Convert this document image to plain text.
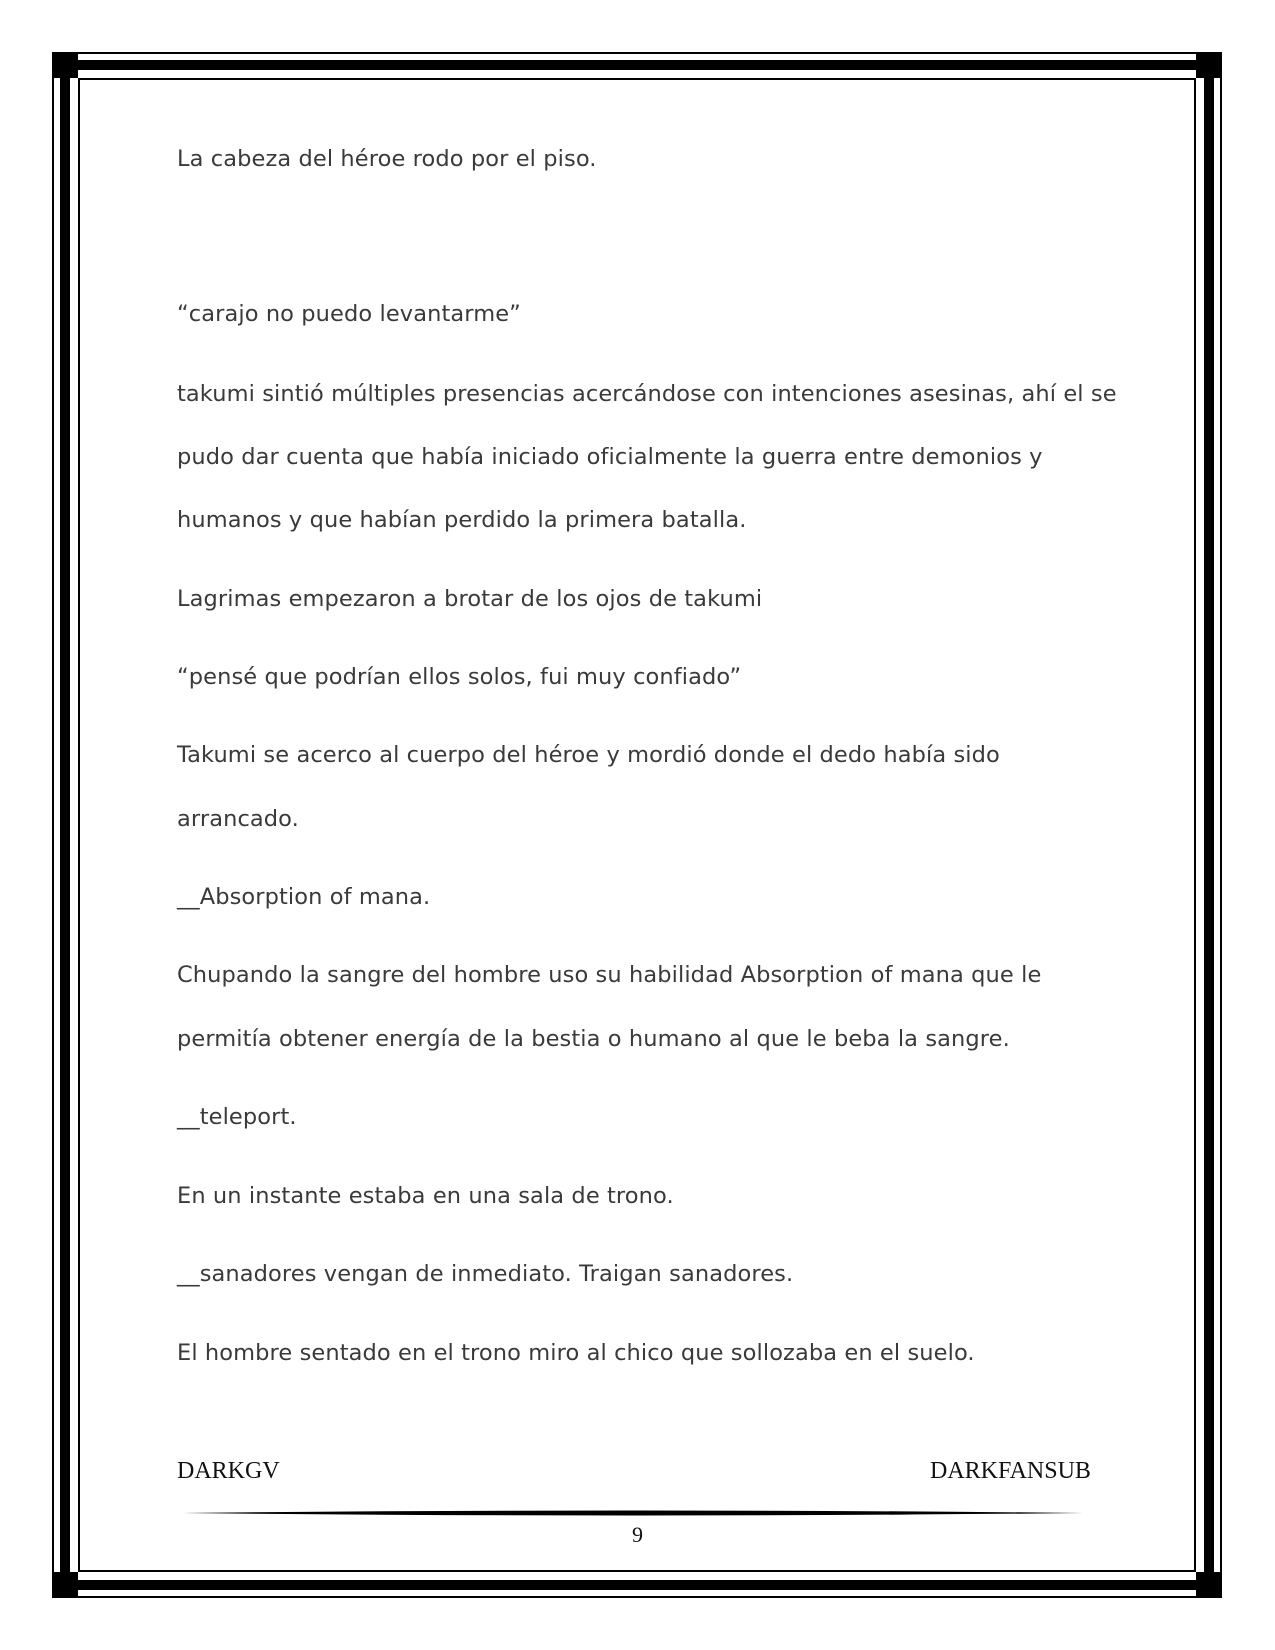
La cabeza del héroe rodo por el piso.

“carajo no puedo levantarme”

takumi sintió múltiples presencias acercándose con intenciones asesinas, ahí el se

pudo dar cuenta que había iniciado oficialmente la guerra entre demonios y

humanos y que habían perdido la primera batalla.

Lagrimas empezaron a brotar de los ojos de takumi

“pensé que podrían ellos solos, fui muy confiado”

Takumi se acerco al cuerpo del héroe y mordió donde el dedo había sido

arrancado.

__Absorption of mana.

Chupando la sangre del hombre uso su habilidad Absorption of mana que le

permitía obtener energía de la bestia o humano al que le beba la sangre.

__teleport.

En un instante estaba en una sala de trono.

__sanadores vengan de inmediato. Traigan sanadores.

El hombre sentado en el trono miro al chico que sollozaba en el suelo.

DARKGV	DARKFANSUB
9
